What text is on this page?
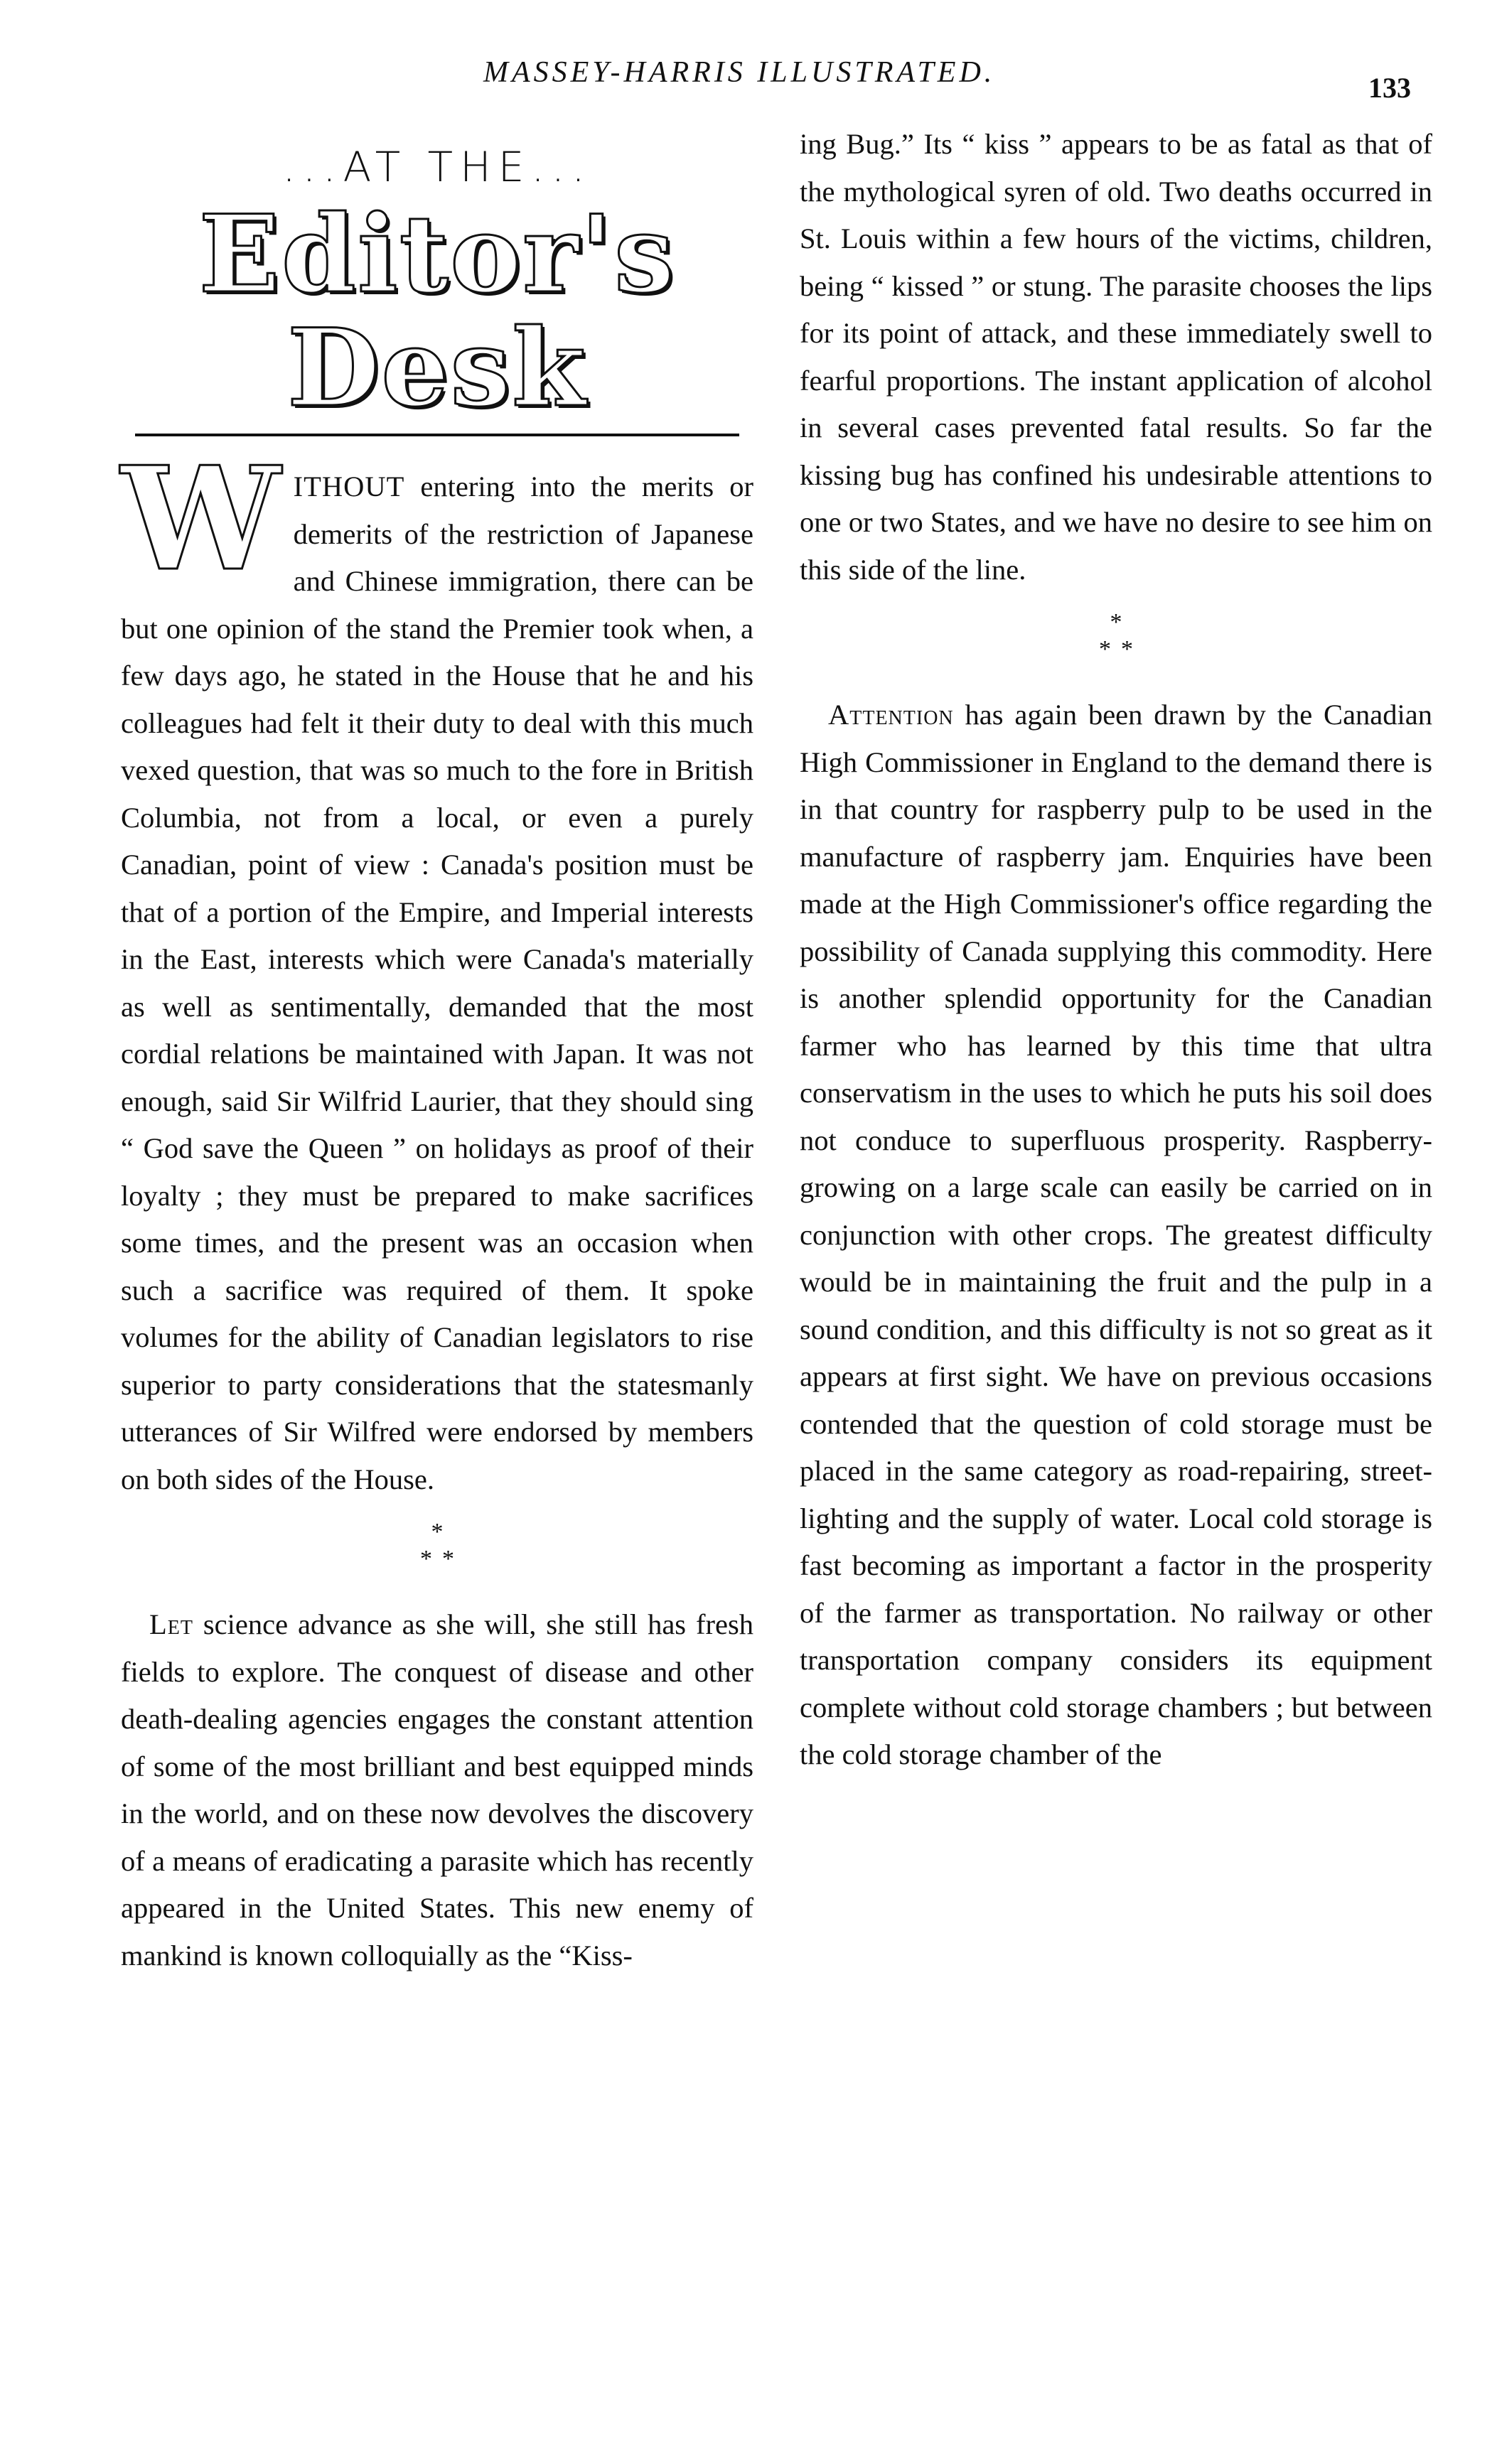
MASSEY-HARRIS ILLUSTRATED.	133
...AT THE...
Editor's Desk

WITHOUT entering into the merits or demerits of the restriction of Japanese and Chinese immigration, there can be but one opinion of the stand the Premier took when, a few days ago, he stated in the House that he and his colleagues had felt it their duty to deal with this much vexed question, that was so much to the fore in British Columbia, not from a local, or even a purely Canadian, point of view : Canada's position must be that of a portion of the Empire, and Imperial interests in the East, interests which were Canada's materially as well as sentimentally, demanded that the most cordial relations be maintained with Japan. It was not enough, said Sir Wilfrid Laurier, that they should sing “ God save the Queen ” on holidays as proof of their loyalty ; they must be prepared to make sacrifices some times, and the present was an occasion when such a sacrifice was required of them. It spoke volumes for the ability of Canadian legislators to rise superior to party considerations that the statesmanly utterances of Sir Wilfred were endorsed by members on both sides of the House.

*
* *

Let science advance as she will, she still has fresh fields to explore. The conquest of disease and other death-dealing agencies engages the constant attention of some of the most brilliant and best equipped minds in the world, and on these now devolves the discovery of a means of eradicating a parasite which has recently appeared in the United States. This new enemy of mankind is known colloquially as the “Kiss-

ing Bug.” Its “ kiss ” appears to be as fatal as that of the mythological syren of old. Two deaths occurred in St. Louis within a few hours of the victims, children, being “ kissed ” or stung. The parasite chooses the lips for its point of attack, and these immediately swell to fearful proportions. The instant application of alcohol in several cases prevented fatal results. So far the kissing bug has confined his undesirable attentions to one or two States, and we have no desire to see him on this side of the line.

*
* *

Attention has again been drawn by the Canadian High Commissioner in England to the demand there is in that country for raspberry pulp to be used in the manufacture of raspberry jam. Enquiries have been made at the High Commissioner's office regarding the possibility of Canada supplying this commodity. Here is another splendid opportunity for the Canadian farmer who has learned by this time that ultra conservatism in the uses to which he puts his soil does not conduce to superfluous prosperity. Raspberry-growing on a large scale can easily be carried on in conjunction with other crops. The greatest difficulty would be in maintaining the fruit and the pulp in a sound condition, and this difficulty is not so great as it appears at first sight. We have on previous occasions contended that the question of cold storage must be placed in the same category as road-repairing, street-lighting and the supply of water. Local cold storage is fast becoming as important a factor in the prosperity of the farmer as transportation. No railway or other transportation company considers its equipment complete without cold storage chambers ; but between the cold storage chamber of the
